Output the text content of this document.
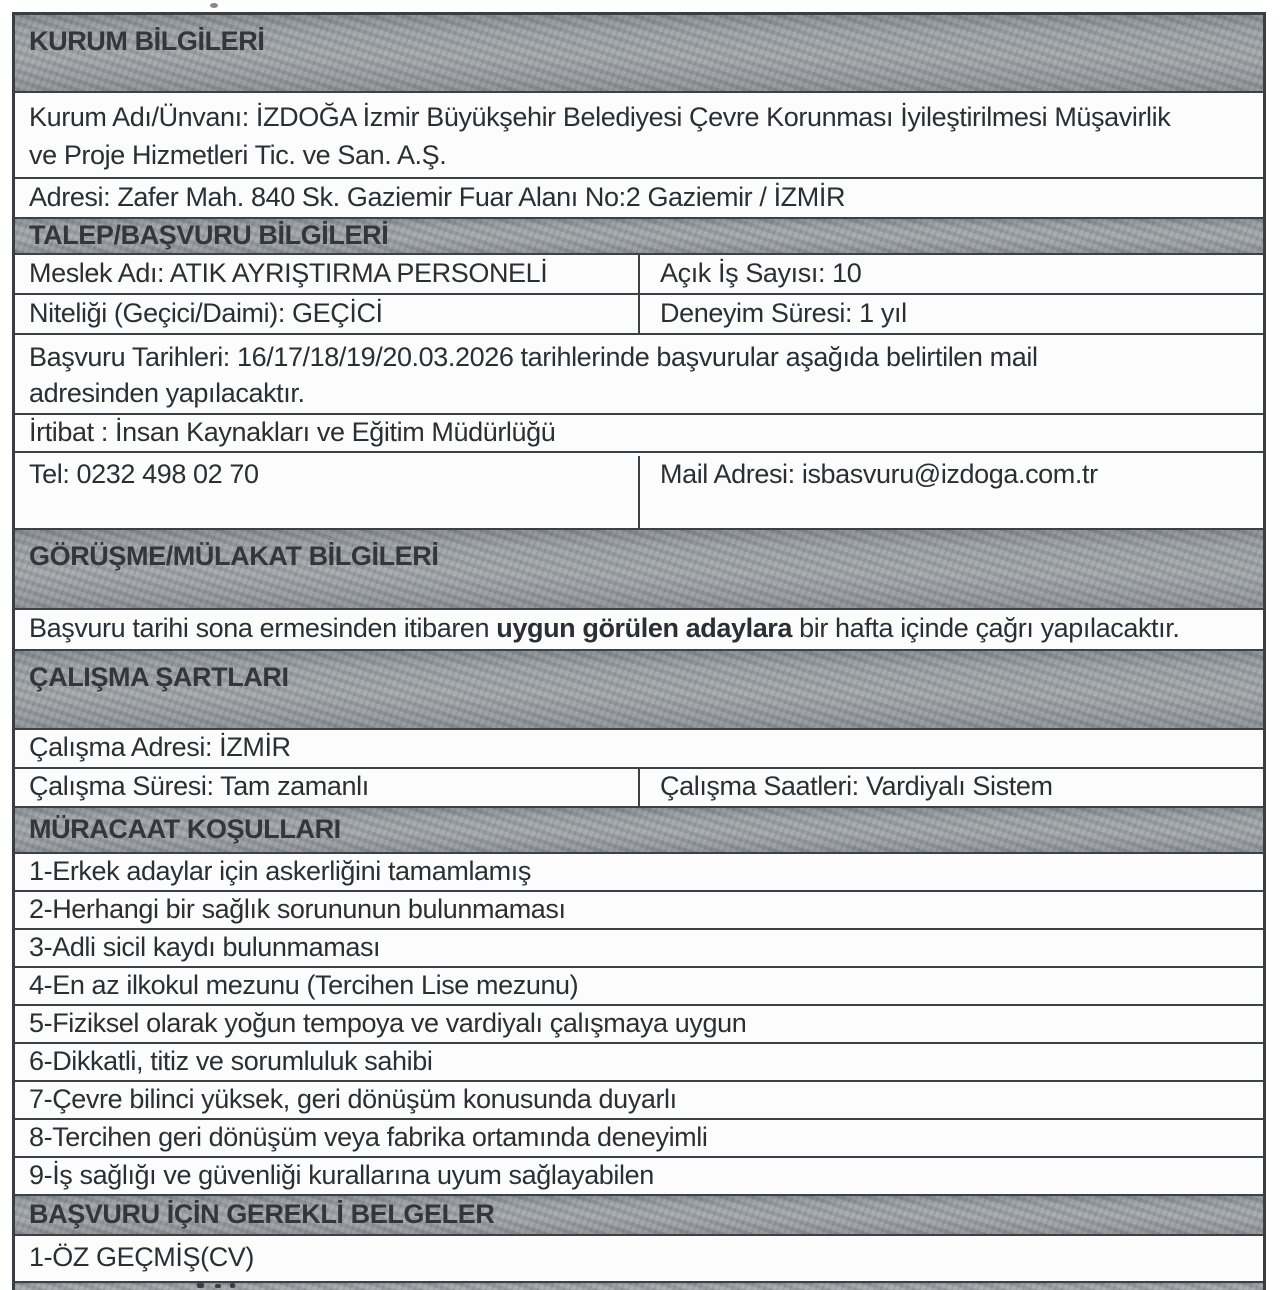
KURUM BİLGİLERİ
Kurum Adı/Ünvanı: İZDOĞA İzmir Büyükşehir Belediyesi Çevre Korunması İyileştirilmesi Müşavirlik
ve Proje Hizmetleri Tic. ve San. A.Ş.
Adresi: Zafer Mah. 840 Sk. Gaziemir Fuar Alanı No:2 Gaziemir / İZMİR
TALEP/BAŞVURU BİLGİLERİ
Meslek Adı: ATIK AYRIŞTIRMA PERSONELİ	Açık İş Sayısı: 10
Niteliği (Geçici/Daimi): GEÇİCİ	Deneyim Süresi: 1 yıl
Başvuru Tarihleri: 16/17/18/19/20.03.2026 tarihlerinde başvurular aşağıda belirtilen mail
adresinden yapılacaktır.
İrtibat : İnsan Kaynakları ve Eğitim Müdürlüğü
Tel: 0232 498 02 70	Mail Adresi: isbasvuru@izdoga.com.tr
GÖRÜŞME/MÜLAKAT BİLGİLERİ
Başvuru tarihi sona ermesinden itibaren uygun görülen adaylara bir hafta içinde çağrı yapılacaktır.
ÇALIŞMA ŞARTLARI
Çalışma Adresi: İZMİR
Çalışma Süresi: Tam zamanlı	Çalışma Saatleri: Vardiyalı Sistem
MÜRACAAT KOŞULLARI
1-Erkek adaylar için askerliğini tamamlamış
2-Herhangi bir sağlık sorununun bulunmaması
3-Adli sicil kaydı bulunmaması
4-En az ilkokul mezunu (Tercihen Lise mezunu)
5-Fiziksel olarak yoğun tempoya ve vardiyalı çalışmaya uygun
6-Dikkatli, titiz ve sorumluluk sahibi
7-Çevre bilinci yüksek, geri dönüşüm konusunda duyarlı
8-Tercihen geri dönüşüm veya fabrika ortamında deneyimli
9-İş sağlığı ve güvenliği kurallarına uyum sağlayabilen
BAŞVURU İÇİN GEREKLİ BELGELER
1-ÖZ GEÇMİŞ(CV)
